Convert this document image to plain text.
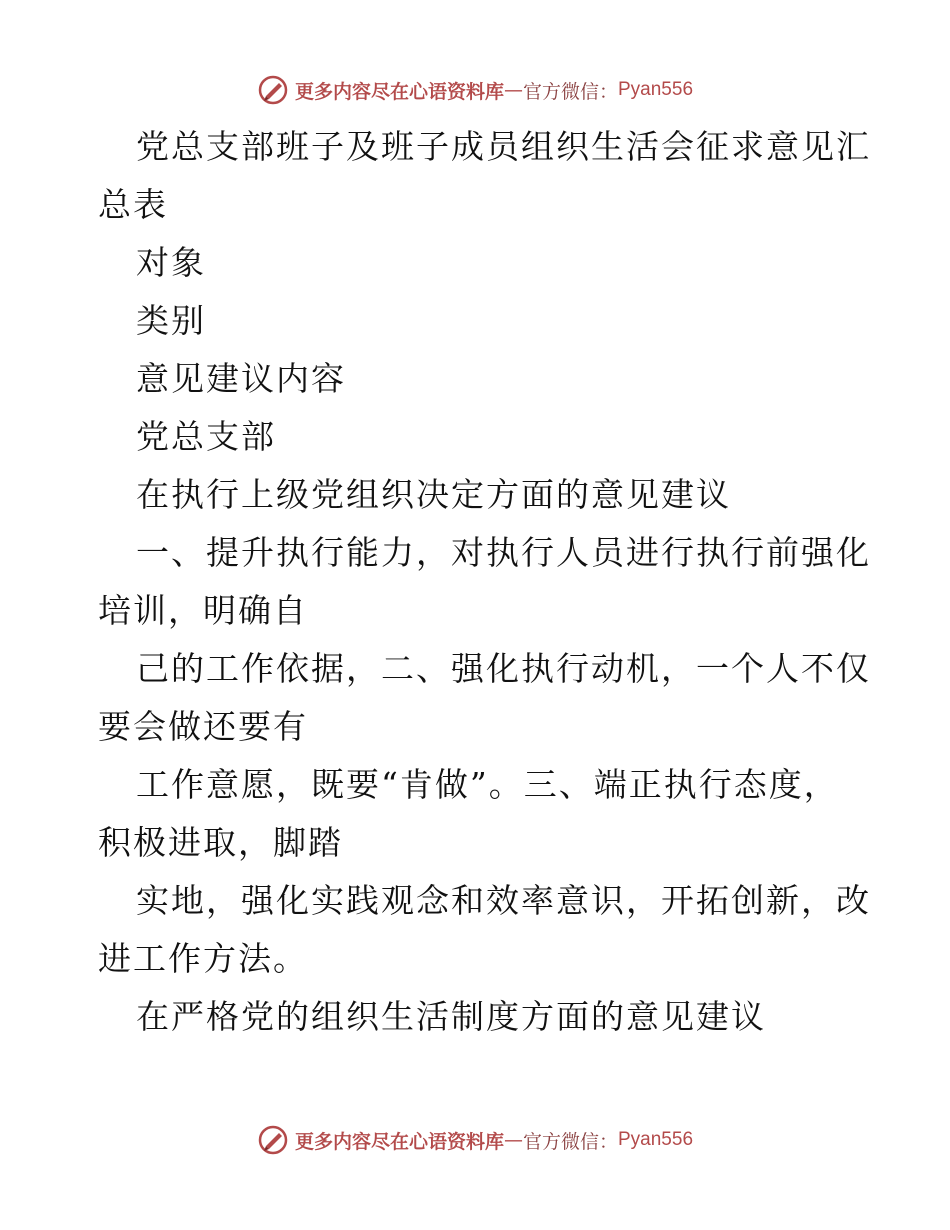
更多内容尽在心语资料库 — 官方微信： Pyan556
党总支部班子及班子成员组织生活会征求意见汇
总表
对象
类别
意见建议内容
党总支部
在执行上级党组织决定方面的意见建议
一、提升执行能力，对执行人员进行执行前强化
培训，明确自
己的工作依据，二、强化执行动机，一个人不仅
要会做还要有
工作意愿，既要“肯做”。三、端正执行态度，
积极进取，脚踏
实地，强化实践观念和效率意识，开拓创新，改
进工作方法。
在严格党的组织生活制度方面的意见建议
更多内容尽在心语资料库 — 官方微信： Pyan556
